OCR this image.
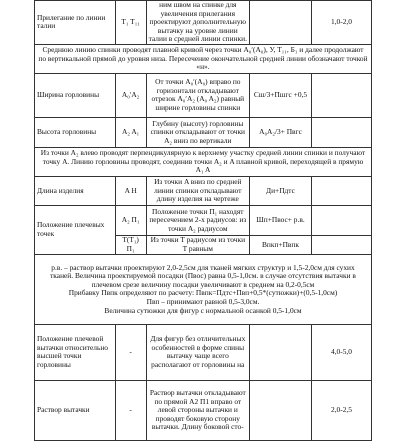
Прилегание по линии талии	T₁ T₁₁	ним швом на спинке для увеличения прилегания проектируют дополнительную вытачку на уровне линии талии в средней линии спинки.		1,0-2,0
Среднюю линию спинки проводят плавной кривой через точки A₀ʹ(A₀), У, T₁₁, Б₁ и далее продолжают по вертикальной прямой до уровня низа. Пересечение окончательной средней линии обозначают точкой «н».				
Ширина горловины	A₀ʹA₂	От точки A₀ʹ(A₀) вправо по горизонтали откладывают отрезок A₀ʹA₂ (A₀ A₂) равный ширине горловины спинки	Сш/3+Пшгс +0,5	
Высота горловины	A₂ A₁	Глубину (высоту) горловины спинки откладывают от точки A₂ вниз по вертикали	A₀A₂/3+ Пвгс	
Из точки A₂ влево проводят перпендикулярную к верхнему участку средней линии спинки и получают точку A. Линию горловины проводят, соединив точки A₂ и A плавной кривой, переходящей в прямую A₁ A				
Длина изделия	A H	Из точки A вниз по средней линии спинки откладывают длину изделия на чертеже	Ди+Пдтс	
Положение плечевых точек	A₂ П₁	Положение точки П₁ находят пересечением 2-х радиусов: из точки A₂ радиусом	Шп+Пвос+ р.в.	
	T(T₁) П₁	Из точки T радиусом из точки T равным	Впкп+Пвпк	

р.в. – раствор вытачки проектируют 2,0-2,5см для тканей мягких структур и 1,5-2,0см для сухих тканей. Величина проектируемой посадки (Пвос) равна 0,5-1,0см. в случае отсутствия вытачки в плечевом срезе величину посадки увеличивают в среднем на 0,2-0,5см
Прибавку Пвпк определяют по расчету: Пвпк=Пдтс+Пвп+0,5*(сутюжки)+(0,5-1,0см)
Пвп – принимают равной 0,5-3,0см.
Величина сутюжки для фигур с нормальной осанкой 0,5-1,0см				

Положение плечевой вытачки относительно высшей точки горловины	-	Для фигур без отличительных особенностей в форме спины вытачку чаще всего располагают от горловины на		4,0-5,0
Раствор вытачки	-	Раствор вытачки откладывают по прямой A2 П1 вправо от левой стороны вытачки и проводят боковую сторону вытачки. Длину боковой сто-		2,0-2,5
